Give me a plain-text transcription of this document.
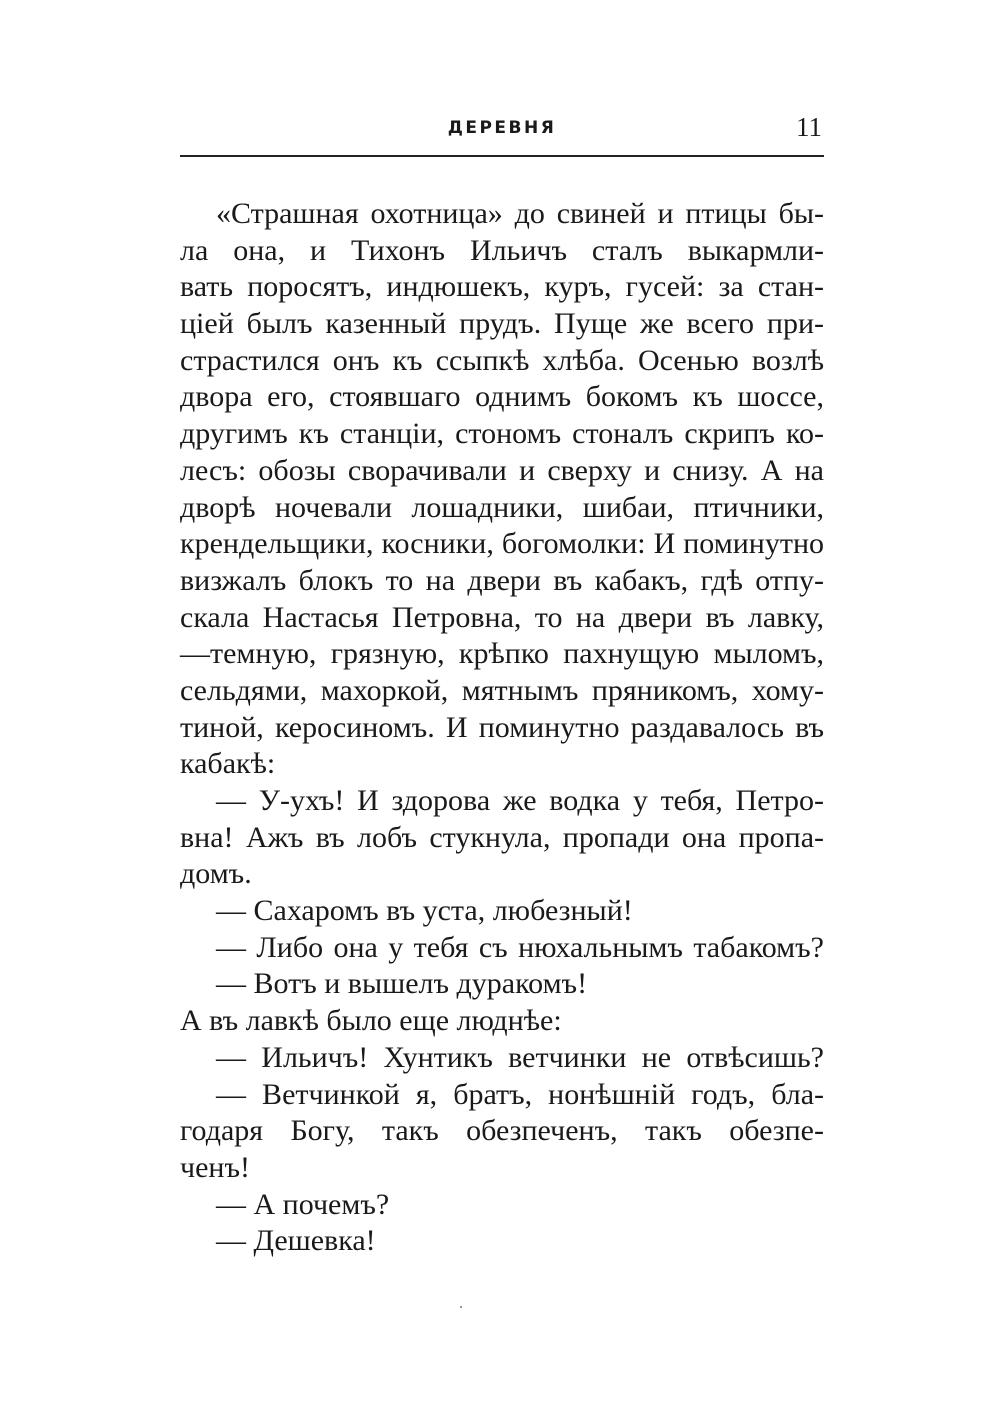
ДЕРЕВНЯ	11
«Страшная охотница» до свиней и птицы бы-
ла она, и Тихонъ Ильичъ сталъ выкармли-
вать поросятъ, индюшекъ, куръ, гусей: за стан-
цiей былъ казенный прудъ. Пуще же всего при-
страстился онъ къ ссыпкѣ хлѣба. Осенью возлѣ
двора его, стоявшаго однимъ бокомъ къ шоссе,
другимъ къ станцiи, стономъ стоналъ скрипъ ко-
лесъ: обозы сворачивали и сверху и снизу. А на
дворѣ ночевали лошадники, шибаи, птичники,
крендельщики, косники, богомолки: И поминутно
визжалъ блокъ то на двери въ кабакъ, гдѣ отпу-
скала Настасья Петровна, то на двери въ лавку,
—темную, грязную, крѣпко пахнущую мыломъ,
сельдями, махоркой, мятнымъ пряникомъ, хому-
тиной, керосиномъ. И поминутно раздавалось въ
кабакѣ:
— У-ухъ! И здорова же водка у тебя, Петро-
вна! Ажъ въ лобъ стукнула, пропади она пропа-
домъ.
— Сахаромъ въ уста, любезный!
— Либо она у тебя съ нюхальнымъ табакомъ?
— Вотъ и вышелъ дуракомъ!
А въ лавкѣ было еще люднѣе:
— Ильичъ! Хунтикъ ветчинки не отвѣсишь?
— Ветчинкой я, братъ, нонѣшнiй годъ, бла-
годаря Богу, такъ обезпеченъ, такъ обезпе-
ченъ!
— А почемъ?
— Дешевка!
